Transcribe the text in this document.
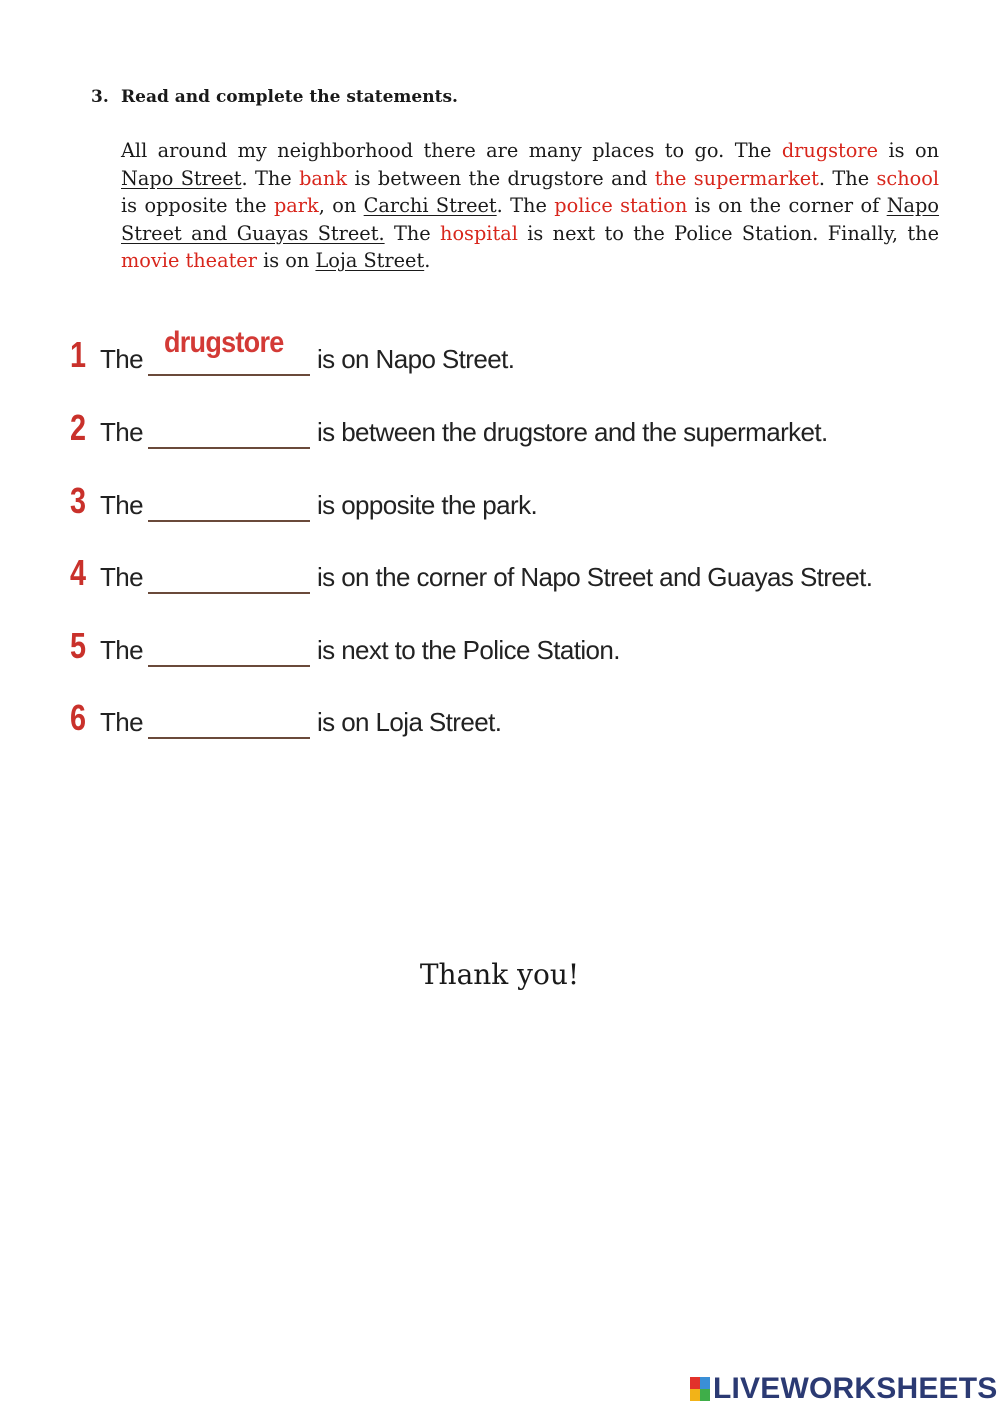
3. Read and complete the statements.
All around my neighborhood there are many places to go. The drugstore is on Napo Street. The bank is between the drugstore and the supermarket. The school is opposite the park, on Carchi Street. The police station is on the corner of Napo Street and Guayas Street. The hospital is next to the Police Station. Finally, the movie theater is on Loja Street.
1 The drugstore is on Napo Street.
2 The	is between the drugstore and the supermarket.
3 The	is opposite the park.
4 The	is on the corner of Napo Street and Guayas Street.
5 The	is next to the Police Station.
6 The	is on Loja Street.
Thank you!
LIVEWORKSHEETS
